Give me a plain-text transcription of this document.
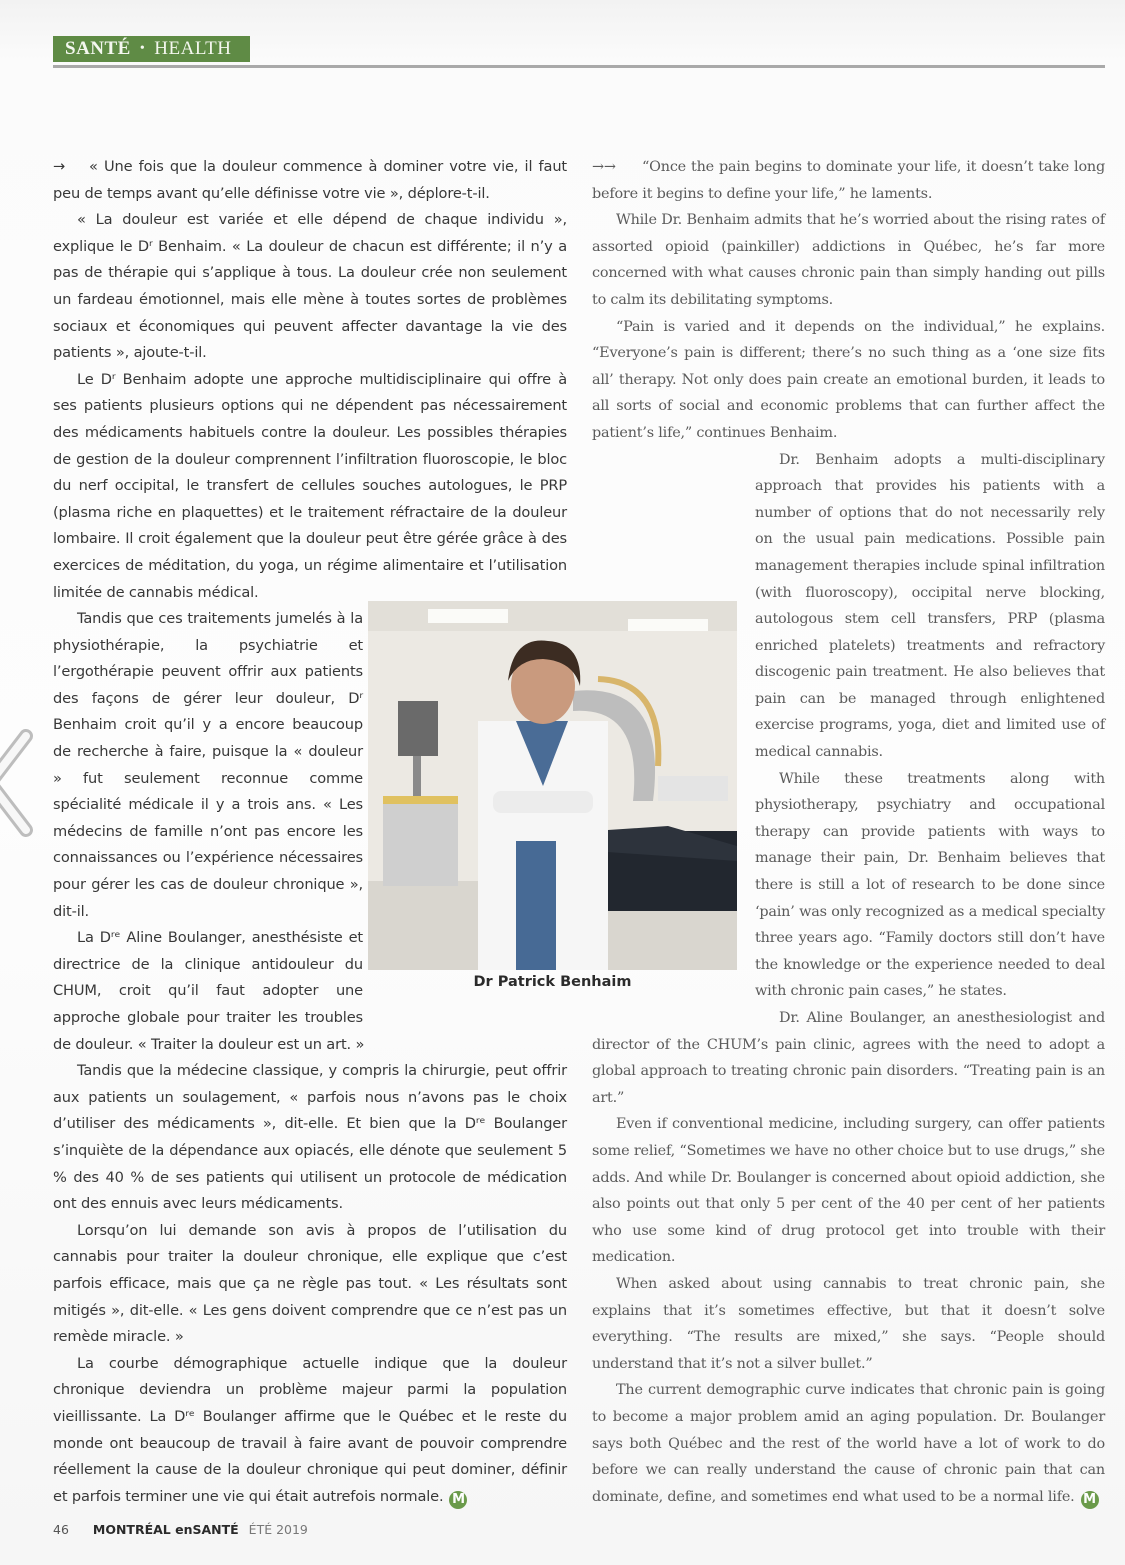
SANTÉ • HEALTH

→ « Une fois que la douleur commence à dominer votre vie, il faut peu de temps avant qu’elle définisse votre vie », déplore-t-il.

« La douleur est variée et elle dépend de chaque individu », explique le Dʳ Benhaim. « La douleur de chacun est différente; il n’y a pas de thérapie qui s’applique à tous. La douleur crée non seulement un fardeau émotionnel, mais elle mène à toutes sortes de problèmes sociaux et économiques qui peuvent affecter davantage la vie des patients », ajoute-t-il.

Le Dʳ Benhaim adopte une approche multidisciplinaire qui offre à ses patients plusieurs options qui ne dépendent pas nécessairement des médicaments habituels contre la douleur. Les possibles thérapies de gestion de la douleur comprennent l’infiltration fluoroscopie, le bloc du nerf occipital, le transfert de cellules souches autologues, le PRP (plasma riche en plaquettes) et le traitement réfractaire de la douleur lombaire. Il croit également que la douleur peut être gérée grâce à des exercices de méditation, du yoga, un régime alimentaire et l’utilisation limitée de cannabis médical.

Tandis que ces traitements jumelés à la physiothérapie, la psychiatrie et l’ergothérapie peuvent offrir aux patients des façons de gérer leur douleur, Dʳ Benhaim croit qu’il y a encore beaucoup de recherche à faire, puisque la « douleur » fut seulement reconnue comme spécialité médicale il y a trois ans. « Les médecins de famille n’ont pas encore les connaissances ou l’expérience nécessaires pour gérer les cas de douleur chronique », dit-il.

La Dʳᵉ Aline Boulanger, anesthésiste et directrice de la clinique antidouleur du CHUM, croit qu’il faut adopter une approche globale pour traiter les troubles de douleur. « Traiter la douleur est un art. »

Tandis que la médecine classique, y compris la chirurgie, peut offrir aux patients un soulagement, « parfois nous n’avons pas le choix d’utiliser des médicaments », dit-elle. Et bien que la Dʳᵉ Boulanger s’inquiète de la dépendance aux opiacés, elle dénote que seulement 5 % des 40 % de ses patients qui utilisent un protocole de médication ont des ennuis avec leurs médicaments.

Lorsqu’on lui demande son avis à propos de l’utilisation du cannabis pour traiter la douleur chronique, elle explique que c’est parfois efficace, mais que ça ne règle pas tout. « Les résultats sont mitigés », dit-elle. « Les gens doivent comprendre que ce n’est pas un remède miracle. »

La courbe démographique actuelle indique que la douleur chronique deviendra un problème majeur parmi la population vieillissante. La Dʳᵉ Boulanger affirme que le Québec et le reste du monde ont beaucoup de travail à faire avant de pouvoir comprendre réellement la cause de la douleur chronique qui peut dominer, définir et parfois terminer une vie qui était autrefois normale. M

→→ “Once the pain begins to dominate your life, it doesn’t take long before it begins to define your life,” he laments.

While Dr. Benhaim admits that he’s worried about the rising rates of assorted opioid (painkiller) addictions in Québec, he’s far more concerned with what causes chronic pain than simply handing out pills to calm its debilitating symptoms.

“Pain is varied and it depends on the individual,” he explains. “Everyone’s pain is different; there’s no such thing as a ‘one size fits all’ therapy. Not only does pain create an emotional burden, it leads to all sorts of social and economic problems that can further affect the patient’s life,” continues Benhaim.

Dr. Benhaim adopts a multi-disciplinary approach that provides his patients with a number of options that do not necessarily rely on the usual pain medications. Possible pain management therapies include spinal infiltration (with fluoroscopy), occipital nerve blocking, autologous stem cell transfers, PRP (plasma enriched platelets) treatments and refractory discogenic pain treatment. He also believes that pain can be managed through enlightened exercise programs, yoga, diet and limited use of medical cannabis.

While these treatments along with physiotherapy, psychiatry and occupational therapy can provide patients with ways to manage their pain, Dr. Benhaim believes that there is still a lot of research to be done since ‘pain’ was only recognized as a medical specialty three years ago. “Family doctors still don’t have the knowledge or the experience needed to deal with chronic pain cases,” he states.

Dr. Aline Boulanger, an anesthesiologist and director of the CHUM’s pain clinic, agrees with the need to adopt a global approach to treating chronic pain disorders. “Treating pain is an art.”

Even if conventional medicine, including surgery, can offer patients some relief, “Sometimes we have no other choice but to use drugs,” she adds. And while Dr. Boulanger is concerned about opioid addiction, she also points out that only 5 per cent of the 40 per cent of her patients who use some kind of drug protocol get into trouble with their medication.

When asked about using cannabis to treat chronic pain, she explains that it’s sometimes effective, but that it doesn’t solve everything. “The results are mixed,” she says. “People should understand that it’s not a silver bullet.”

The current demographic curve indicates that chronic pain is going to become a major problem amid an aging population. Dr. Boulanger says both Québec and the rest of the world have a lot of work to do before we can really understand the cause of chronic pain that can dominate, define, and sometimes end what used to be a normal life. M

Dr Patrick Benhaim
46 MONTRÉAL enSANTÉ ÉTÉ 2019
